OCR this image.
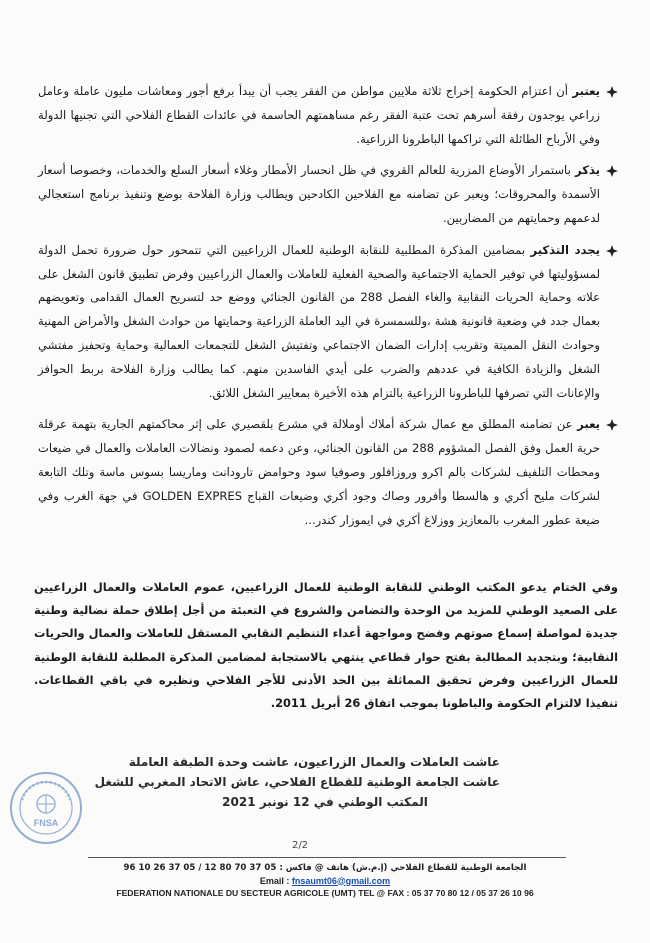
يعتبر أن اعتزام الحكومة إخراج ثلاثة ملايين مواطن من الفقر يجب أن يبدأ برفع أجور ومعاشات مليون عاملة وعامل زراعي يوجدون رفقة أسرهم تحت عتبة الفقر رغم مساهمتهم الحاسمة في عائدات القطاع الفلاحي التي تجنيها الدولة وفي الأرباح الطائلة التي تراكمها الباطرونا الزراعية.
يذكر باستمرار الأوضاع المزرية للعالم القروي في ظل انحسار الأمطار وغلاء أسعار السلع والخدمات، وخصوصا أسعار الأسمدة والمحروقات؛ ويعبر عن تضامنه مع الفلاحين الكادحين ويطالب وزارة الفلاحة بوضع وتنفيذ برنامج استعجالي لدعمهم وحمايتهم من المضاربين.
يجدد التذكير بمضامين المذكرة المطلبية للنقابة الوطنية للعمال الزراعيين التي تتمحور حول ضرورة تحمل الدولة لمسؤوليتها في توفير الحماية الاجتماعية والصحية الفعلية للعاملات والعمال الزراعيين وفرض تطبيق قانون الشغل على علاته وحماية الحريات النقابية والغاء الفصل 288 من القانون الجنائي ووضع حد لتسريح العمال القدامى وتعويضهم بعمال جدد في وضعية قانونية هشة ،وللسمسرة في اليد العاملة الزراعية وحمايتها من حوادث الشغل والأمراض المهنية وحوادث النقل المميتة وتقريب إدارات الضمان الاجتماعي وتفتيش الشغل للتجمعات العمالية وحماية وتحفيز مفتشي الشغل والزيادة الكافية في عددهم والضرب على أيدي الفاسدين منهم. كما يطالب وزارة الفلاحة بربط الحوافز والإعانات التي تصرفها للباطرونا الزراعية بالتزام هذه الأخيرة بمعايير الشغل اللائق.
يعبر عن تضامنه المطلق مع عمال شركة أملاك أوملالة في مشرع بلقصيري على إثر محاكمتهم الجارية بتهمة عرقلة حرية العمل وفق الفصل المشؤوم 288 من القانون الجنائي، وعن دعمه لصمود ونضالات العاملات والعمال في ضيعات ومحطات التلفيف لشركات بالم اكرو وروزافلور وصوفيا سود وحوامض تارودانت وماريسا بسوس ماسة وتلك التابعة لشركات مليح أكري و هالسطا وأفرور وصاك وجود أكري وضيعات القباج GOLDEN EXPRES في جهة الغرب وفي ضيعة عطور المغرب بالمعازيز ووزلاغ أكري في ايموزار كندر...

وفي الختام يدعو المكتب الوطني للنقابة الوطنية للعمال الزراعيين، عموم العاملات والعمال الزراعيين على الصعيد الوطني للمزيد من الوحدة والتضامن والشروع في التعبئة من أجل إطلاق حملة نضالية وطنية جديدة لمواصلة إسماع صوتهم وفضح ومواجهة أعداء التنظيم النقابي المستقل للعاملات والعمال والحريات النقابية؛ وبتجديد المطالبة بفتح حوار قطاعي ينتهي بالاستجابة لمضامين المذكرة المطلبة للنقابة الوطنية للعمال الزراعيين وفرض تحقيق المماثلة بين الحد الأدنى للأجر الفلاحي ونظيره في باقي القطاعات. تنفيذا لالتزام الحكومة والباطونا بموجب اتفاق 26 أبريل 2011.

عاشت العاملات والعمال الزراعيون، عاشت وحدة الطبقة العاملة
عاشت الجامعة الوطنية للقطاع الفلاحي، عاش الاتحاد المغربي للشغل
المكتب الوطني في 12 نونبر 2021
FNSA
2/2
الجامعة الوطنية للقطاع الفلاحي (إ.م.ش) هاتف @ فاكس : 05 37 70 80 12 / 05 37 26 10 96
Email : fnsaumt06@gmail.com
FEDERATION NATIONALE DU SECTEUR AGRICOLE (UMT) TEL @ FAX : 05 37 70 80 12 / 05 37 26 10 96
